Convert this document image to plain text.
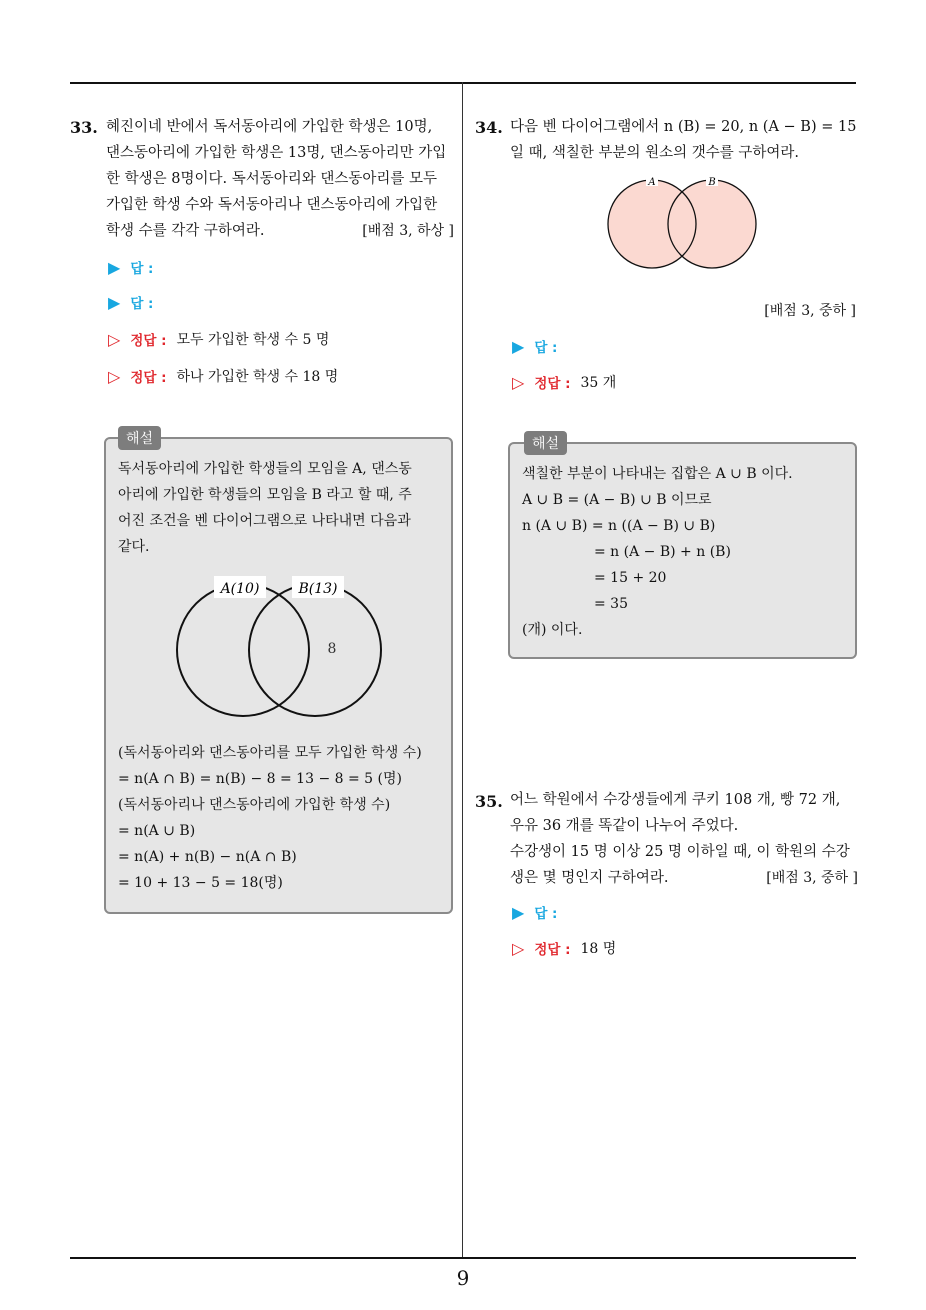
9
33. 혜진이네 반에서 독서동아리에 가입한 학생은 10명,

댄스동아리에 가입한 학생은 13명, 댄스동아리만 가입

한 학생은 8명이다. 독서동아리와 댄스동아리를 모두

가입한 학생 수와 독서동아리나 댄스동아리에 가입한

학생 수를 각각 구하여라.	[배점 3, 하상 ]

▶ 답 :
▶ 답 :
▷ 정답 : 모두 가입한 학생 수 5 명
▷ 정답 : 하나 가입한 학생 수 18 명
해설

독서동아리에 가입한 학생들의 모임을 A, 댄스동

아리에 가입한 학생들의 모임을 B 라고 할 때, 주

어진 조건을 벤 다이어그램으로 나타내면 다음과

같다.

A(10)	B(13)
8

(독서동아리와 댄스동아리를 모두 가입한 학생 수)

= n(A ∩ B) = n(B) − 8 = 13 − 8 = 5 (명)

(독서동아리나 댄스동아리에 가입한 학생 수)

= n(A ∪ B)

= n(A) + n(B) − n(A ∩ B)

= 10 + 13 − 5 = 18(명)

34. 다음 벤 다이어그램에서 n (B) = 20, n (A − B) = 15

일 때, 색칠한 부분의 원소의 갯수를 구하여라.

A	B
[배점 3, 중하 ]
▶ 답 :
▷ 정답 : 35 개
해설

색칠한 부분이 나타내는 집합은 A ∪ B 이다.

A ∪ B = (A − B) ∪ B 이므로

n (A ∪ B) = n ((A − B) ∪ B)

= n (A − B) + n (B)

= 15 + 20

= 35

(개) 이다.

35. 어느 학원에서 수강생들에게 쿠키 108 개, 빵 72 개,

우유 36 개를 똑같이 나누어 주었다.

수강생이 15 명 이상 25 명 이하일 때, 이 학원의 수강

생은 몇 명인지 구하여라.	[배점 3, 중하 ]

▶ 답 :
▷ 정답 : 18 명
